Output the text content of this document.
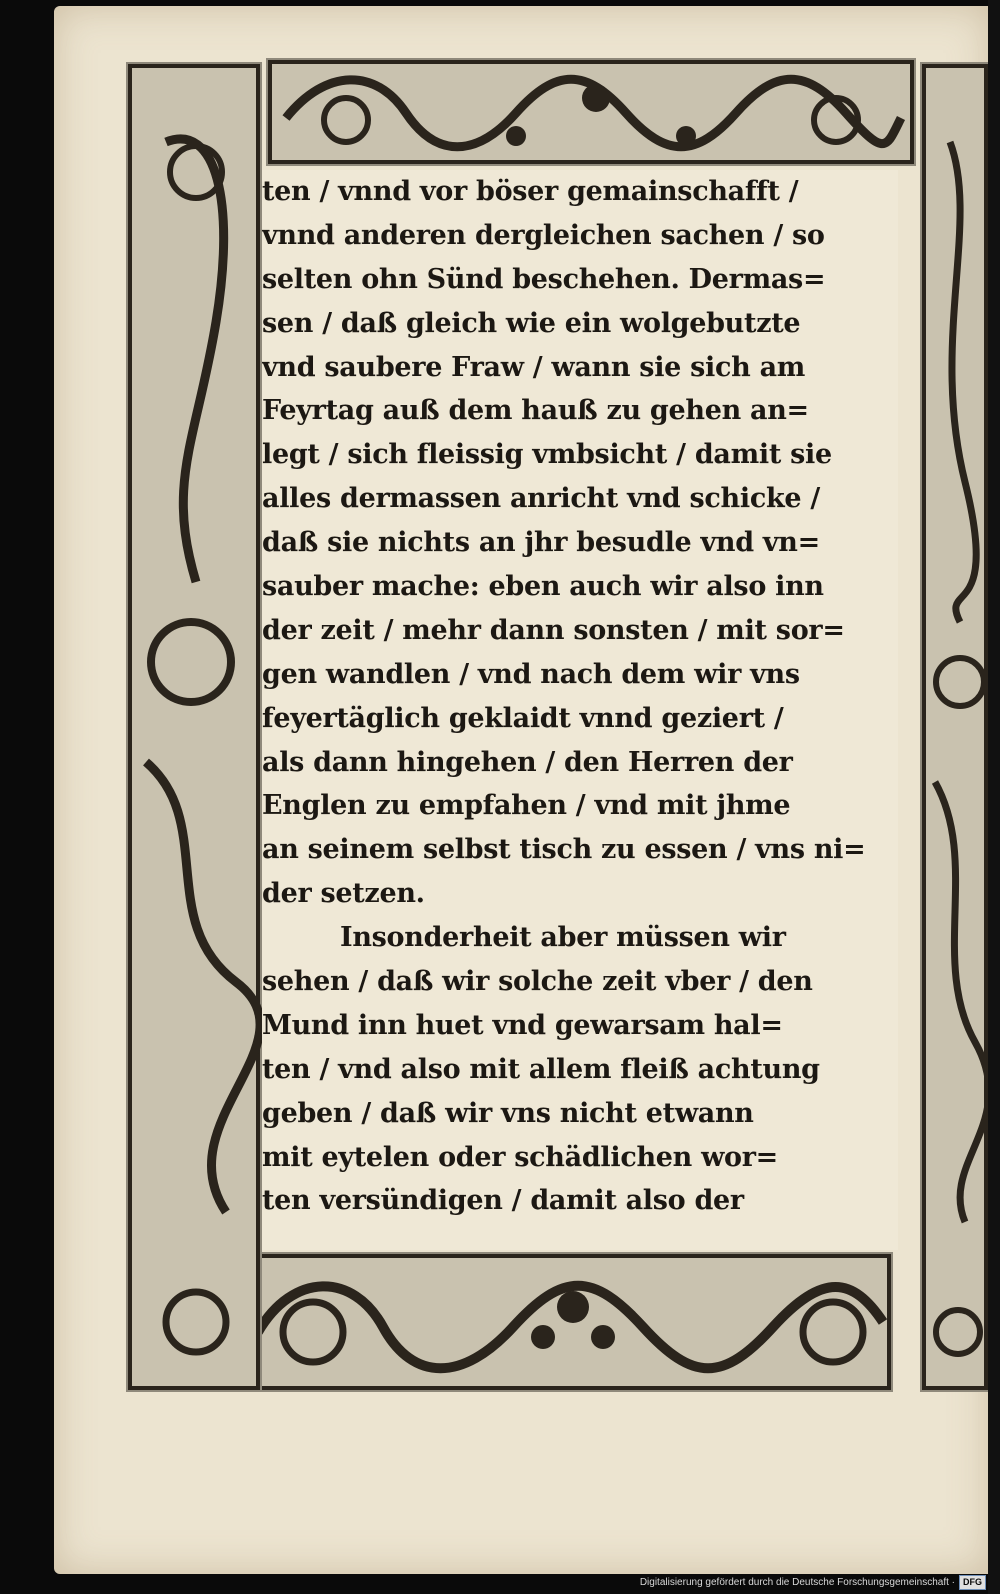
ten / vnnd vor böser gemainschafft /
vnnd anderen dergleichen sachen / so
selten ohn Sünd beschehen. Dermas=
sen / daß gleich wie ein wolgebutzte
vnd saubere Fraw / wann sie sich am
Feyrtag auß dem hauß zu gehen an=
legt / sich fleissig vmbsicht / damit sie
alles dermassen anricht vnd schicke /
daß sie nichts an jhr besudle vnd vn=
sauber mache: eben auch wir also inn
der zeit / mehr dann sonsten / mit sor=
gen wandlen / vnd nach dem wir vns
feyertäglich geklaidt vnnd geziert /
als dann hingehen / den Herren der
Englen zu empfahen / vnd mit jhme
an seinem selbst tisch zu essen / vns ni=
der setzen.
Insonderheit aber müssen wir
sehen / daß wir solche zeit vber / den
Mund inn huet vnd gewarsam hal=
ten / vnd also mit allem fleiß achtung
geben / daß wir vns nicht etwann
mit eytelen oder schädlichen wor=
ten versündigen / damit also der
Digitalisierung gefördert durch die Deutsche Forschungsgemeinschaft · DFG
